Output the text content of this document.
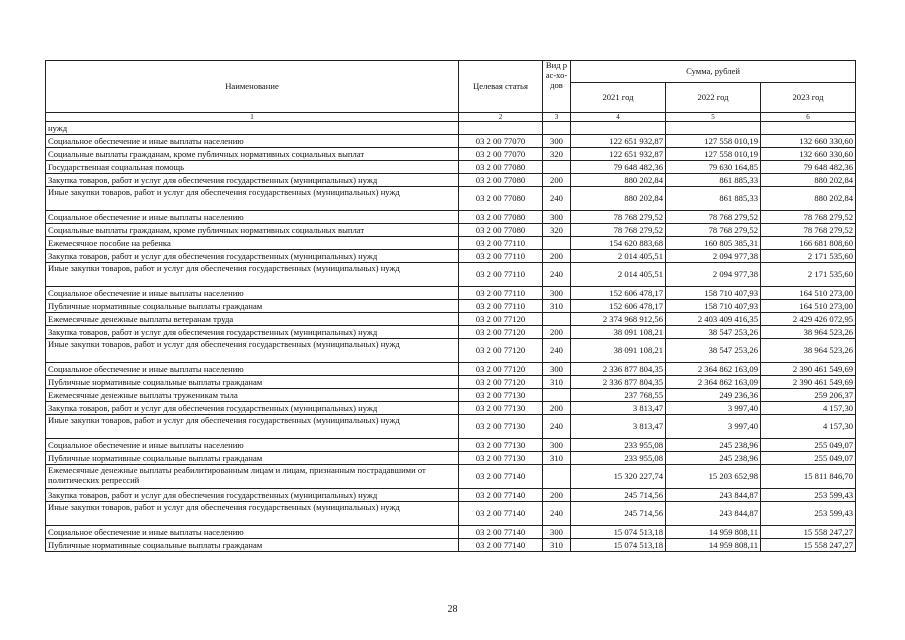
Наименование	Целевая статья	Вид рас-хо-дов	Сумма, рублей		
			2021 год	2022 год	2023 год
1	2	3	4	5	6
нужд					
Социальное обеспечение и иные выплаты населению	03 2 00 77070	300	122 651 932,87	127 558 010,19	132 660 330,60
Социальные выплаты гражданам, кроме публичных нормативных социальных выплат	03 2 00 77070	320	122 651 932,87	127 558 010,19	132 660 330,60
Государственная социальная помощь	03 2 00 77080		79 648 482,36	79 630 164,85	79 648 482,36
Закупка товаров, работ и услуг для обеспечения государственных (муниципальных) нужд	03 2 00 77080	200	880 202,84	861 885,33	880 202,84
Иные закупки товаров, работ и услуг для обеспечения государственных (муниципальных) нужд	03 2 00 77080	240	880 202,84	861 885,33	880 202,84
Социальное обеспечение и иные выплаты населению	03 2 00 77080	300	78 768 279,52	78 768 279,52	78 768 279,52
Социальные выплаты гражданам, кроме публичных нормативных социальных выплат	03 2 00 77080	320	78 768 279,52	78 768 279,52	78 768 279,52
Ежемесячное пособие на ребенка	03 2 00 77110		154 620 883,68	160 805 385,31	166 681 808,60
Закупка товаров, работ и услуг для обеспечения государственных (муниципальных) нужд	03 2 00 77110	200	2 014 405,51	2 094 977,38	2 171 535,60
Иные закупки товаров, работ и услуг для обеспечения государственных (муниципальных) нужд	03 2 00 77110	240	2 014 405,51	2 094 977,38	2 171 535,60
Социальное обеспечение и иные выплаты населению	03 2 00 77110	300	152 606 478,17	158 710 407,93	164 510 273,00
Публичные нормативные социальные выплаты гражданам	03 2 00 77110	310	152 606 478,17	158 710 407,93	164 510 273,00
Ежемесячные денежные выплаты ветеранам труда	03 2 00 77120		2 374 968 912,56	2 403 409 416,35	2 429 426 072,95
Закупка товаров, работ и услуг для обеспечения государственных (муниципальных) нужд	03 2 00 77120	200	38 091 108,21	38 547 253,26	38 964 523,26
Иные закупки товаров, работ и услуг для обеспечения государственных (муниципальных) нужд	03 2 00 77120	240	38 091 108,21	38 547 253,26	38 964 523,26
Социальное обеспечение и иные выплаты населению	03 2 00 77120	300	2 336 877 804,35	2 364 862 163,09	2 390 461 549,69
Публичные нормативные социальные выплаты гражданам	03 2 00 77120	310	2 336 877 804,35	2 364 862 163,09	2 390 461 549,69
Ежемесячные денежные выплаты труженикам тыла	03 2 00 77130		237 768,55	249 236,36	259 206,37
Закупка товаров, работ и услуг для обеспечения государственных (муниципальных) нужд	03 2 00 77130	200	3 813,47	3 997,40	4 157,30
Иные закупки товаров, работ и услуг для обеспечения государственных (муниципальных) нужд	03 2 00 77130	240	3 813,47	3 997,40	4 157,30
Социальное обеспечение и иные выплаты населению	03 2 00 77130	300	233 955,08	245 238,96	255 049,07
Публичные нормативные социальные выплаты гражданам	03 2 00 77130	310	233 955,08	245 238,96	255 049,07
Ежемесячные денежные выплаты реабилитированным лицам и лицам, признанным пострадавшими от политических репрессий	03 2 00 77140		15 320 227,74	15 203 652,98	15 811 846,70
Закупка товаров, работ и услуг для обеспечения государственных (муниципальных) нужд	03 2 00 77140	200	245 714,56	243 844,87	253 599,43
Иные закупки товаров, работ и услуг для обеспечения государственных (муниципальных) нужд	03 2 00 77140	240	245 714,56	243 844,87	253 599,43
Социальное обеспечение и иные выплаты населению	03 2 00 77140	300	15 074 513,18	14 959 808,11	15 558 247,27
Публичные нормативные социальные выплаты гражданам	03 2 00 77140	310	15 074 513,18	14 959 808,11	15 558 247,27
28
